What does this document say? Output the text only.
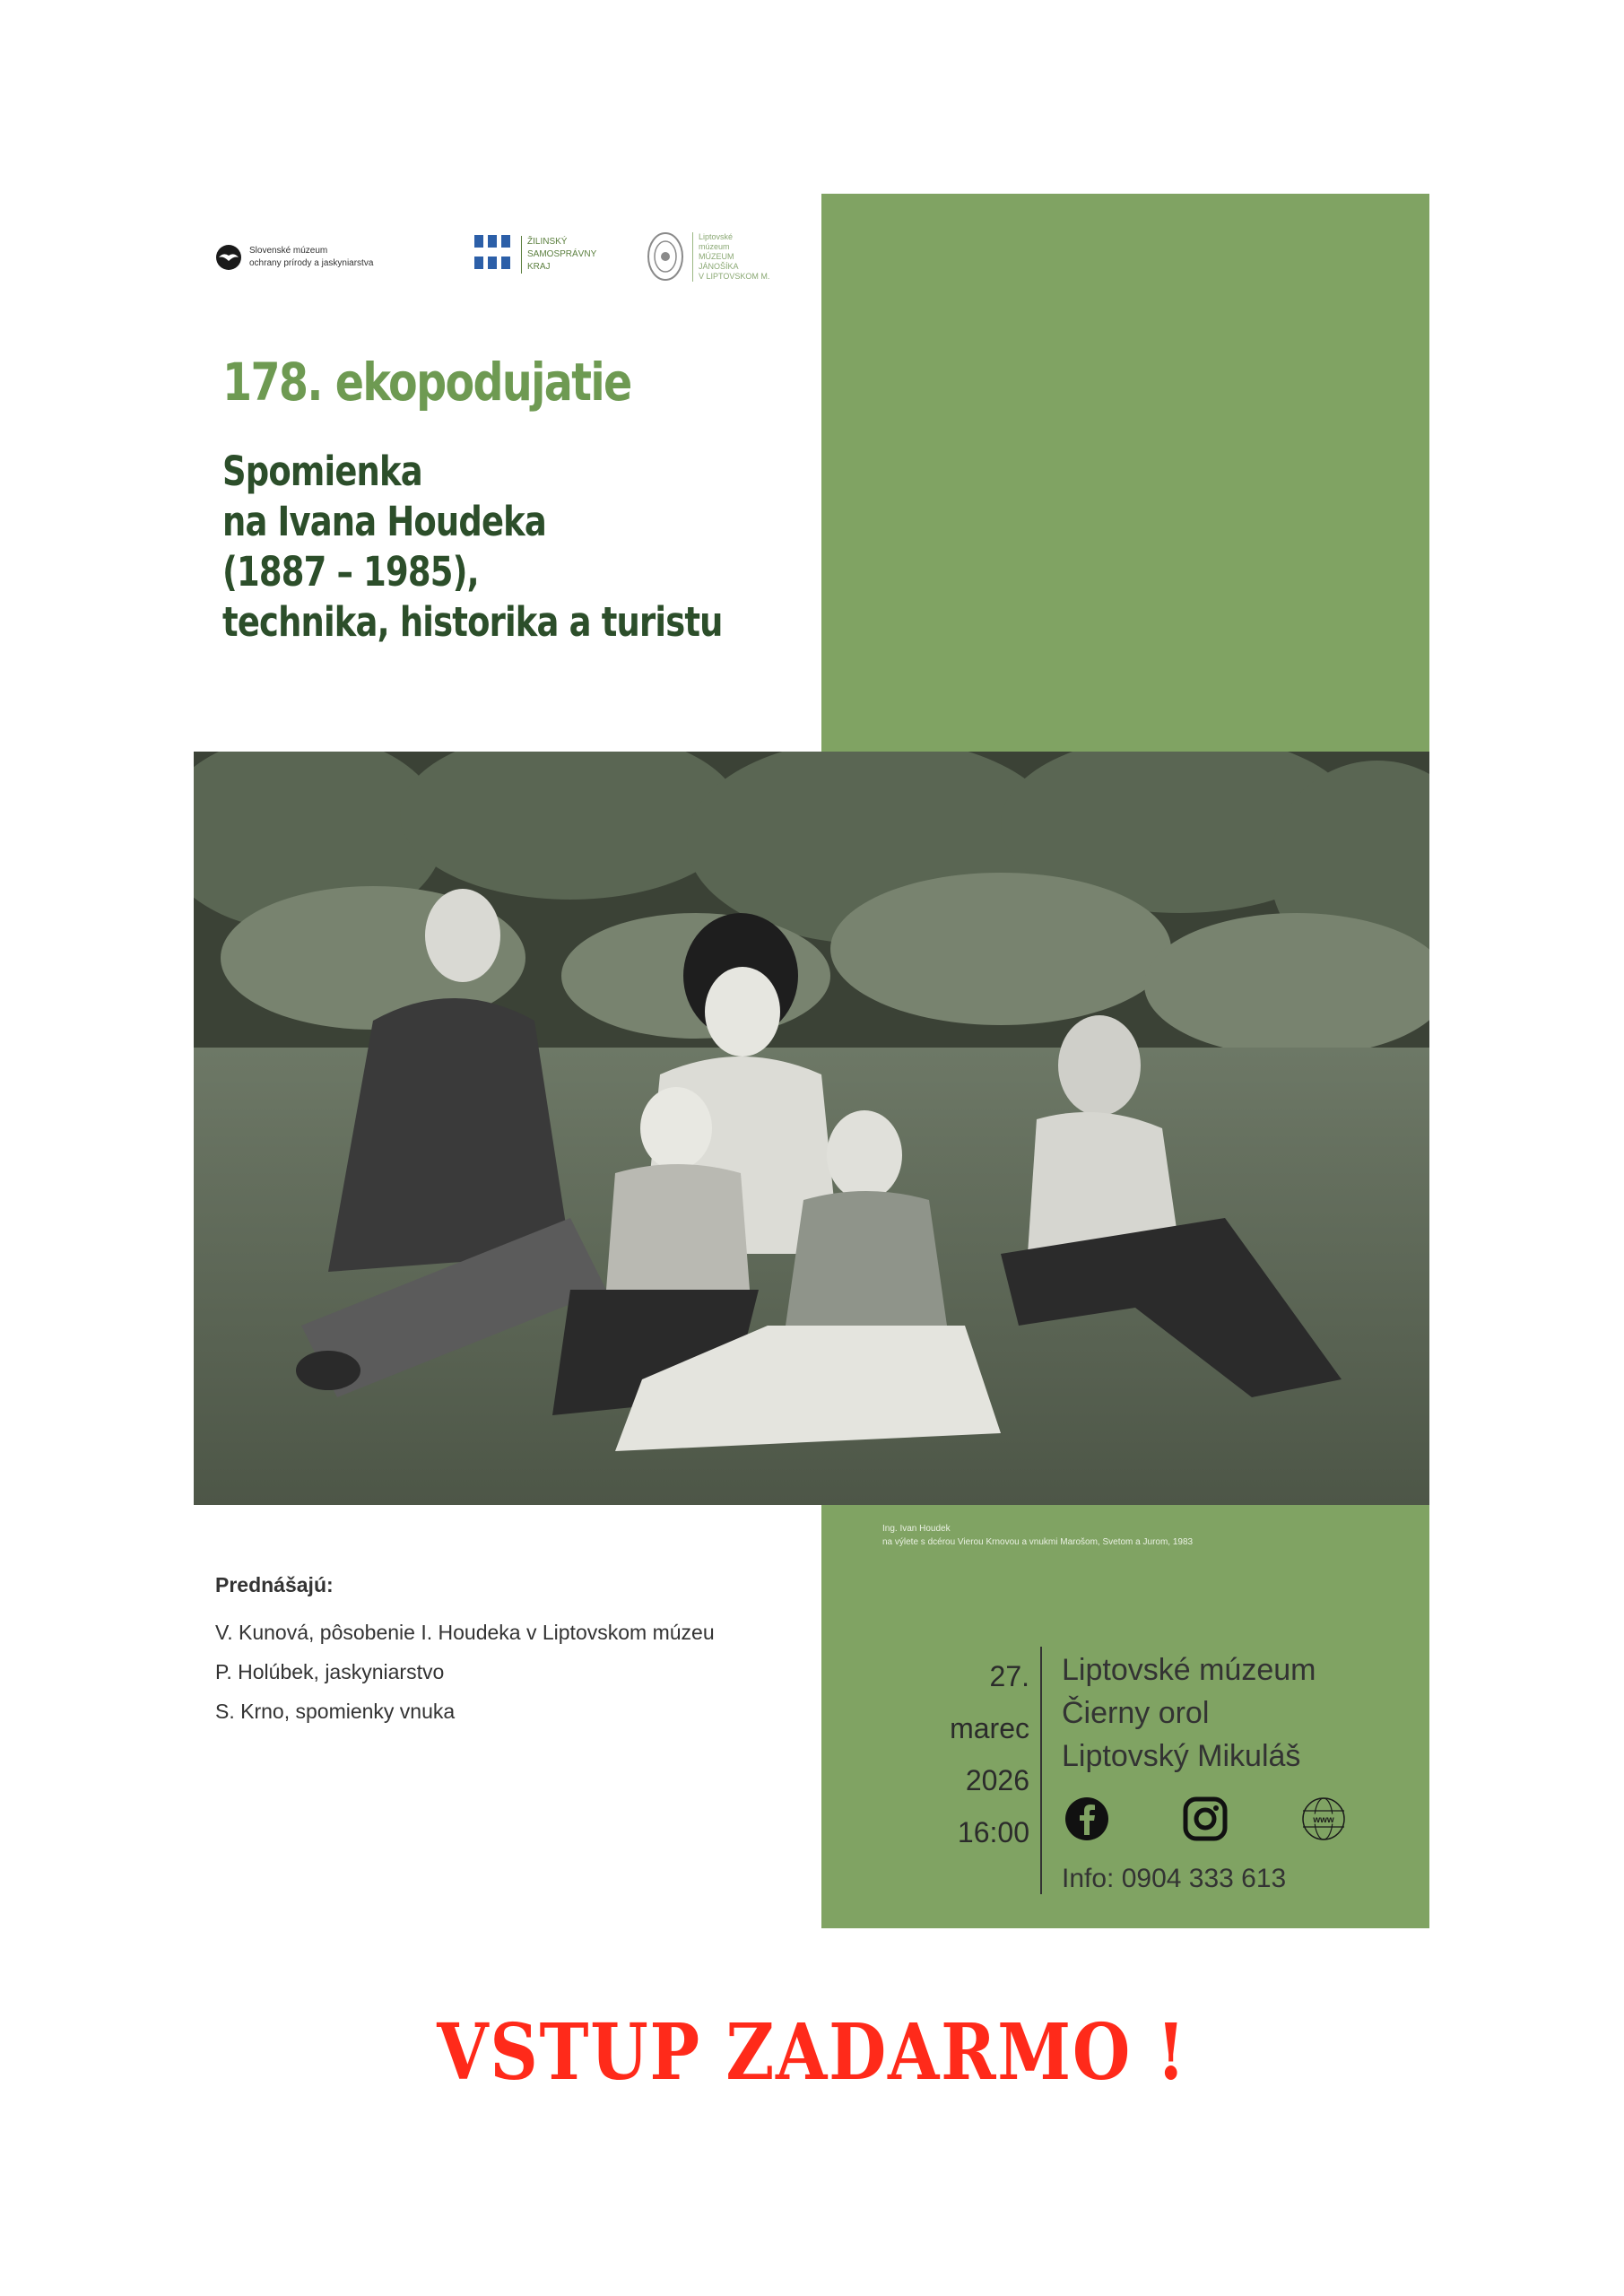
Slovenské múzeum
ochrany prírody a jaskyniarstva
ŽILINSKÝ
SAMOSPRÁVNY
KRAJ
Liptovské
múzeum
MÚZEUM
JÁNOŠÍKA
V LIPTOVSKOM M.
178. ekopodujatie
Spomienka
na Ivana Houdeka
(1887 – 1985),
technika, historika a turistu
Ing. Ivan Houdek
na výlete s dcérou Vierou Krnovou a vnukmi Marošom, Svetom a Jurom, 1983
Prednášajú:
V. Kunová, pôsobenie I. Houdeka v Liptovskom múzeu
P. Holúbek, jaskyniarstvo
S. Krno, spomienky vnuka
27.
marec
2026
16:00
Liptovské múzeum
Čierny orol
Liptovský Mikuláš
www
Info: 0904 333 613
VSTUP ZADARMO !
